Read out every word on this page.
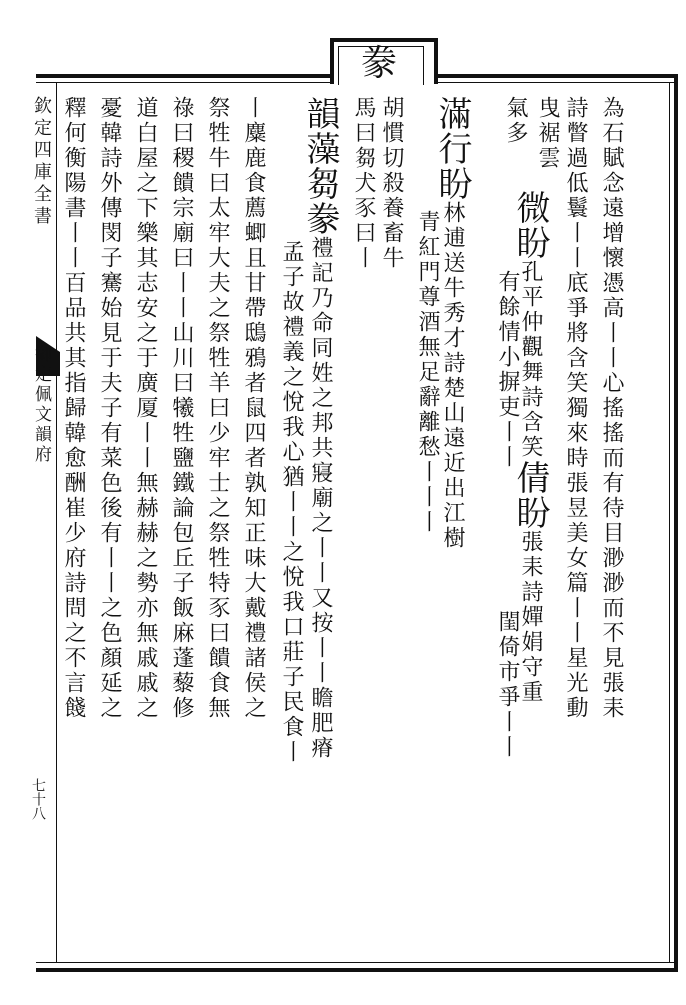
豢
欽定四庫全書
御定佩文韻府
七十八
為石賦念遠增懷憑高丨丨心搖搖而有待目渺渺而不見張耒
詩瞥過低鬟丨丨底爭將含笑獨來時張昱美女篇丨丨星光動
曳裾雲
氣多
微盼孔平仲觀舞詩含笑倩盼張耒詩嬋娟守重
有餘情小摒吏丨丨
閨倚市爭丨丨
滿行盼林逋送牛秀才詩楚山遠近出江樹
青紅門尊酒無足辭離愁丨丨丨
胡慣切殺養畜牛
馬曰芻犬豕曰丨
韻藻芻豢禮記乃命同姓之邦共寢廟之丨丨又按丨丨瞻肥瘠
孟子故禮義之悅我心猶丨丨之悅我口莊子民食丨
丨麋鹿食薦蝍且甘帶鴟鴉者鼠四者孰知正味大戴禮諸侯之
祭牲牛曰太牢大夫之祭牲羊曰少牢士之祭牲特豕曰饋食無
祿曰稷饋宗廟曰丨丨山川曰犧牲鹽鐵論包丘子飯麻蓬藜修
道白屋之下樂其志安之于廣厦丨丨無赫赫之勢亦無戚戚之
憂韓詩外傳閔子騫始見于夫子有菜色後有丨丨之色顏延之
釋何衡陽書丨丨百品共其指歸韓愈酬崔少府詩問之不言餞
